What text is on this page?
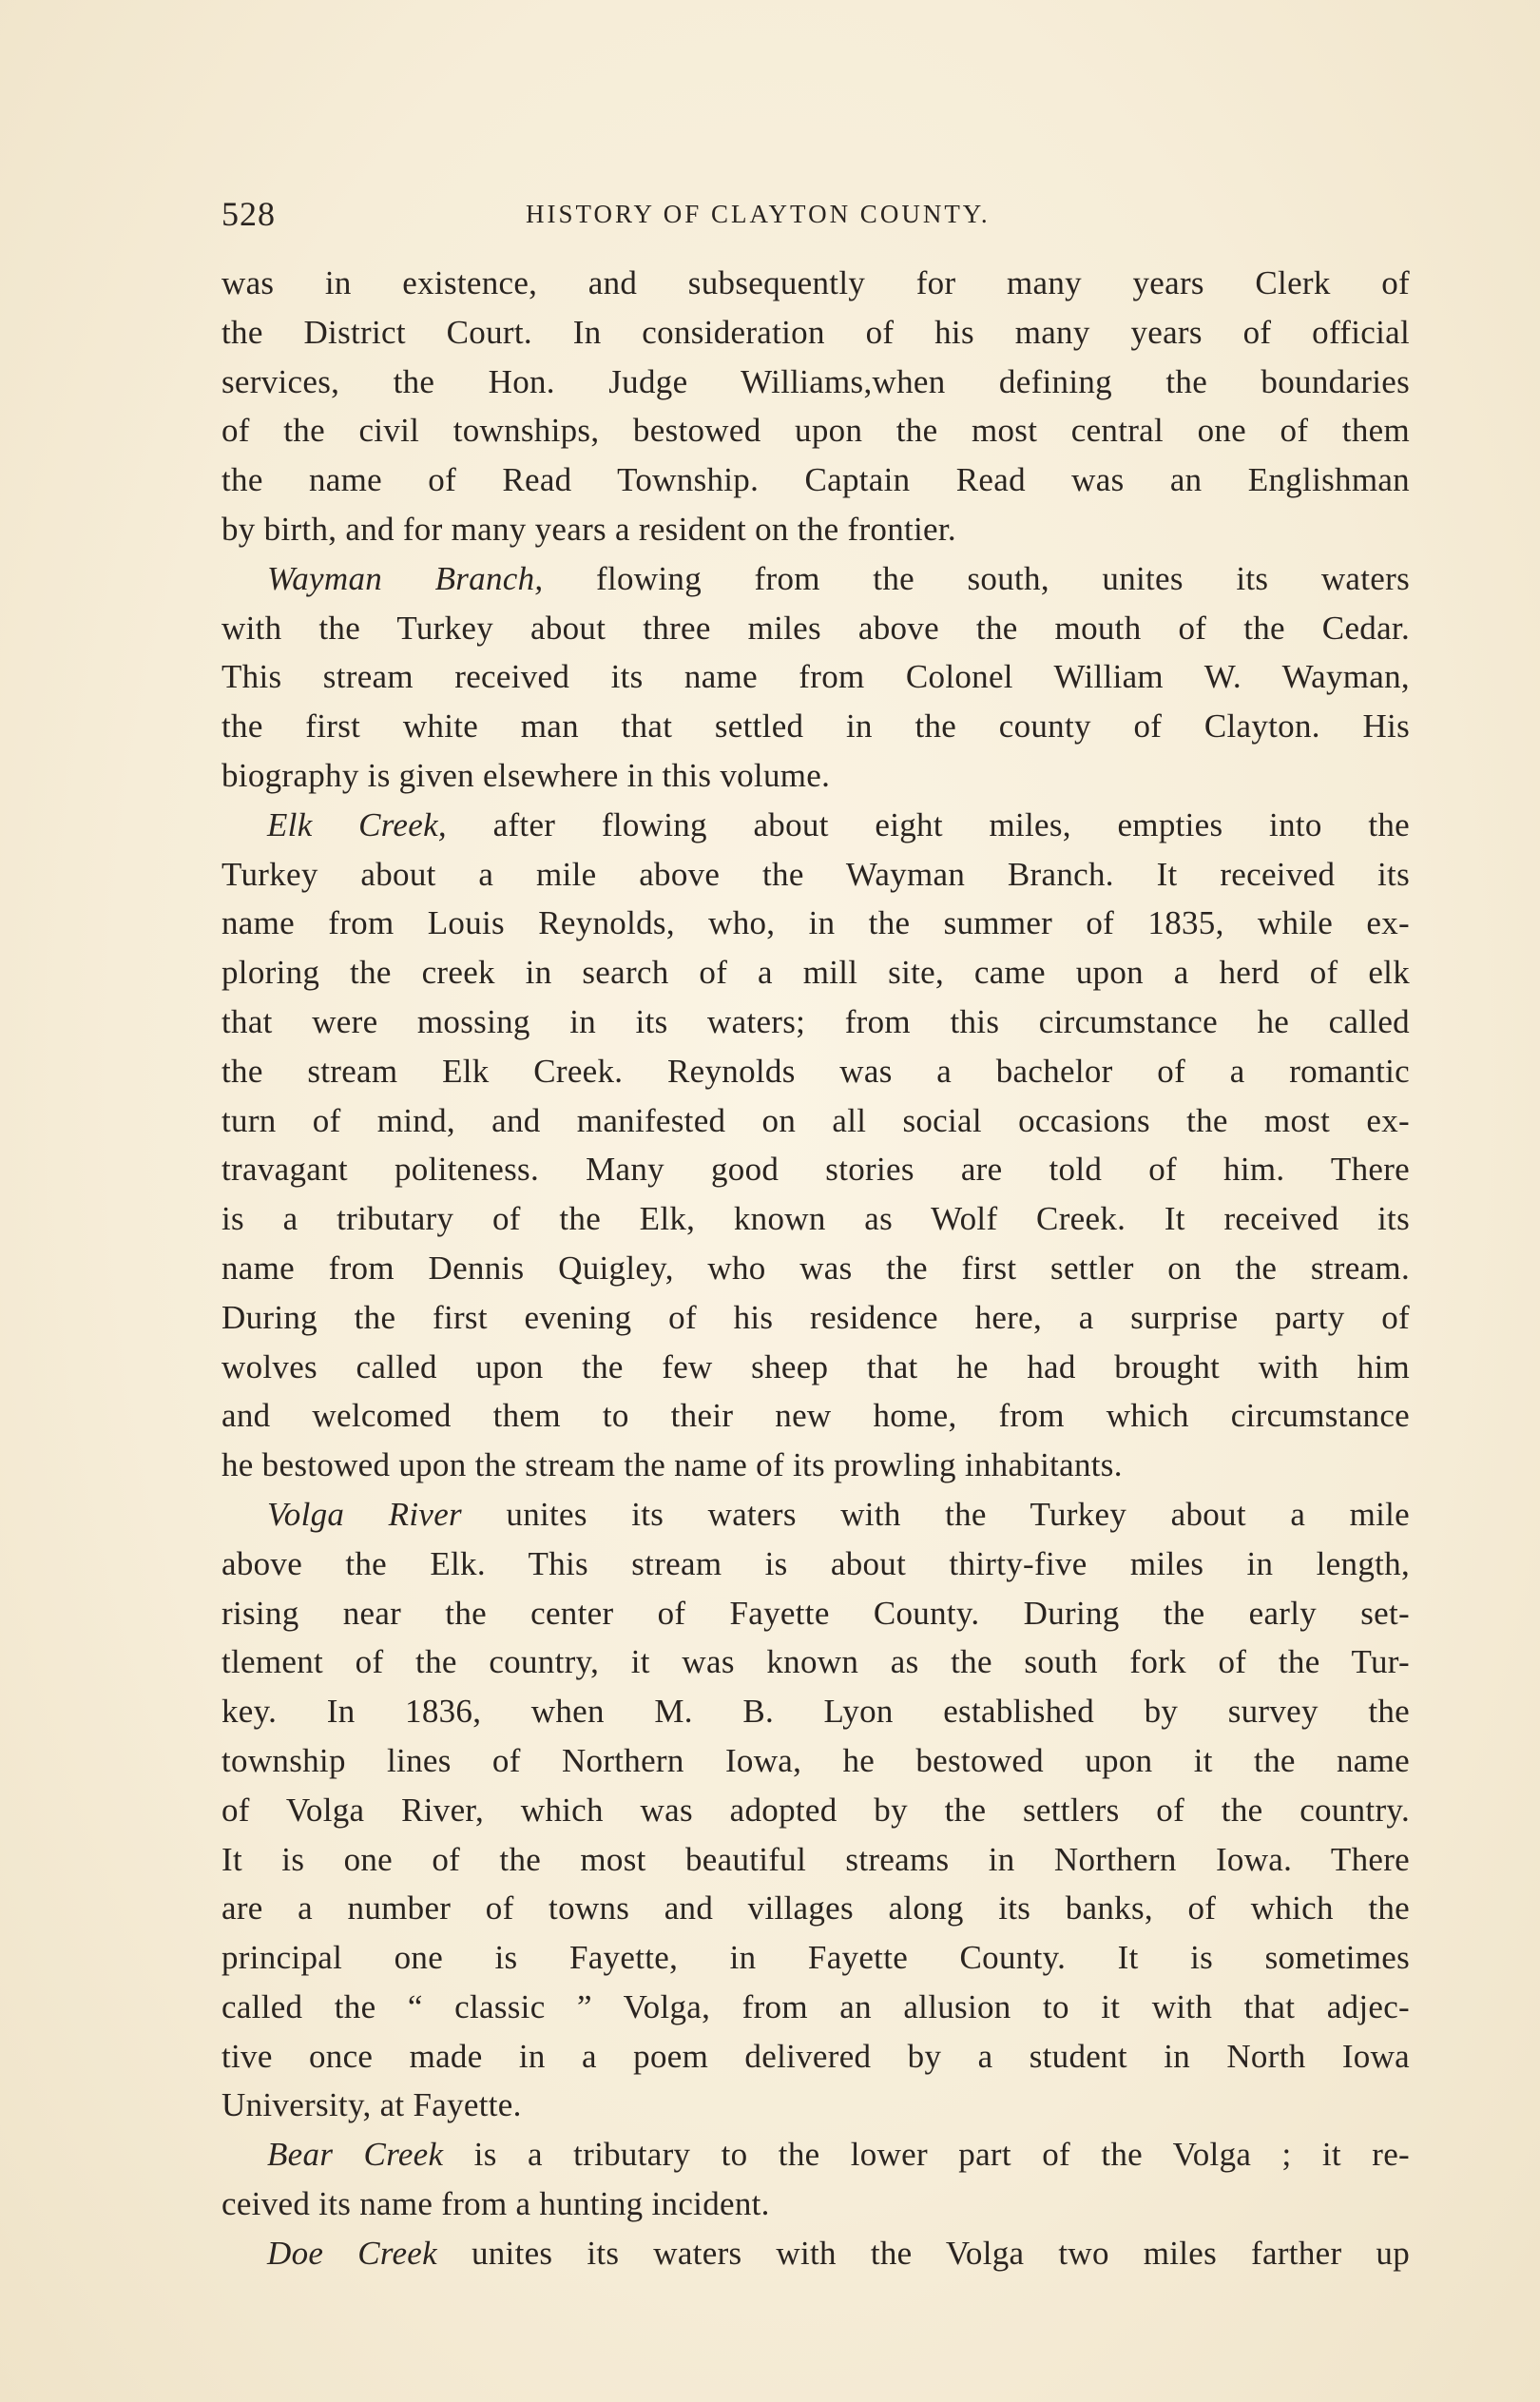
528	HISTORY OF CLAYTON COUNTY.
was in existence, and subsequently for many years Clerk of
the District Court. In consideration of his many years of official
services, the Hon. Judge Williams,when defining the boundaries
of the civil townships, bestowed upon the most central one of them
the name of Read Township. Captain Read was an Englishman
by birth, and for many years a resident on the frontier.
Wayman Branch, flowing from the south, unites its waters
with the Turkey about three miles above the mouth of the Cedar.
This stream received its name from Colonel William W. Wayman,
the first white man that settled in the county of Clayton. His
biography is given elsewhere in this volume.
Elk Creek, after flowing about eight miles, empties into the
Turkey about a mile above the Wayman Branch. It received its
name from Louis Reynolds, who, in the summer of 1835, while ex-
ploring the creek in search of a mill site, came upon a herd of elk
that were mossing in its waters; from this circumstance he called
the stream Elk Creek. Reynolds was a bachelor of a romantic
turn of mind, and manifested on all social occasions the most ex-
travagant politeness. Many good stories are told of him. There
is a tributary of the Elk, known as Wolf Creek. It received its
name from Dennis Quigley, who was the first settler on the stream.
During the first evening of his residence here, a surprise party of
wolves called upon the few sheep that he had brought with him
and welcomed them to their new home, from which circumstance
he bestowed upon the stream the name of its prowling inhabitants.
Volga River unites its waters with the Turkey about a mile
above the Elk. This stream is about thirty-five miles in length,
rising near the center of Fayette County. During the early set-
tlement of the country, it was known as the south fork of the Tur-
key. In 1836, when M. B. Lyon established by survey the
township lines of Northern Iowa, he bestowed upon it the name
of Volga River, which was adopted by the settlers of the country.
It is one of the most beautiful streams in Northern Iowa. There
are a number of towns and villages along its banks, of which the
principal one is Fayette, in Fayette County. It is sometimes
called the “ classic ” Volga, from an allusion to it with that adjec-
tive once made in a poem delivered by a student in North Iowa
University, at Fayette.
Bear Creek is a tributary to the lower part of the Volga ; it re-
ceived its name from a hunting incident.
Doe Creek unites its waters with the Volga two miles farther up
